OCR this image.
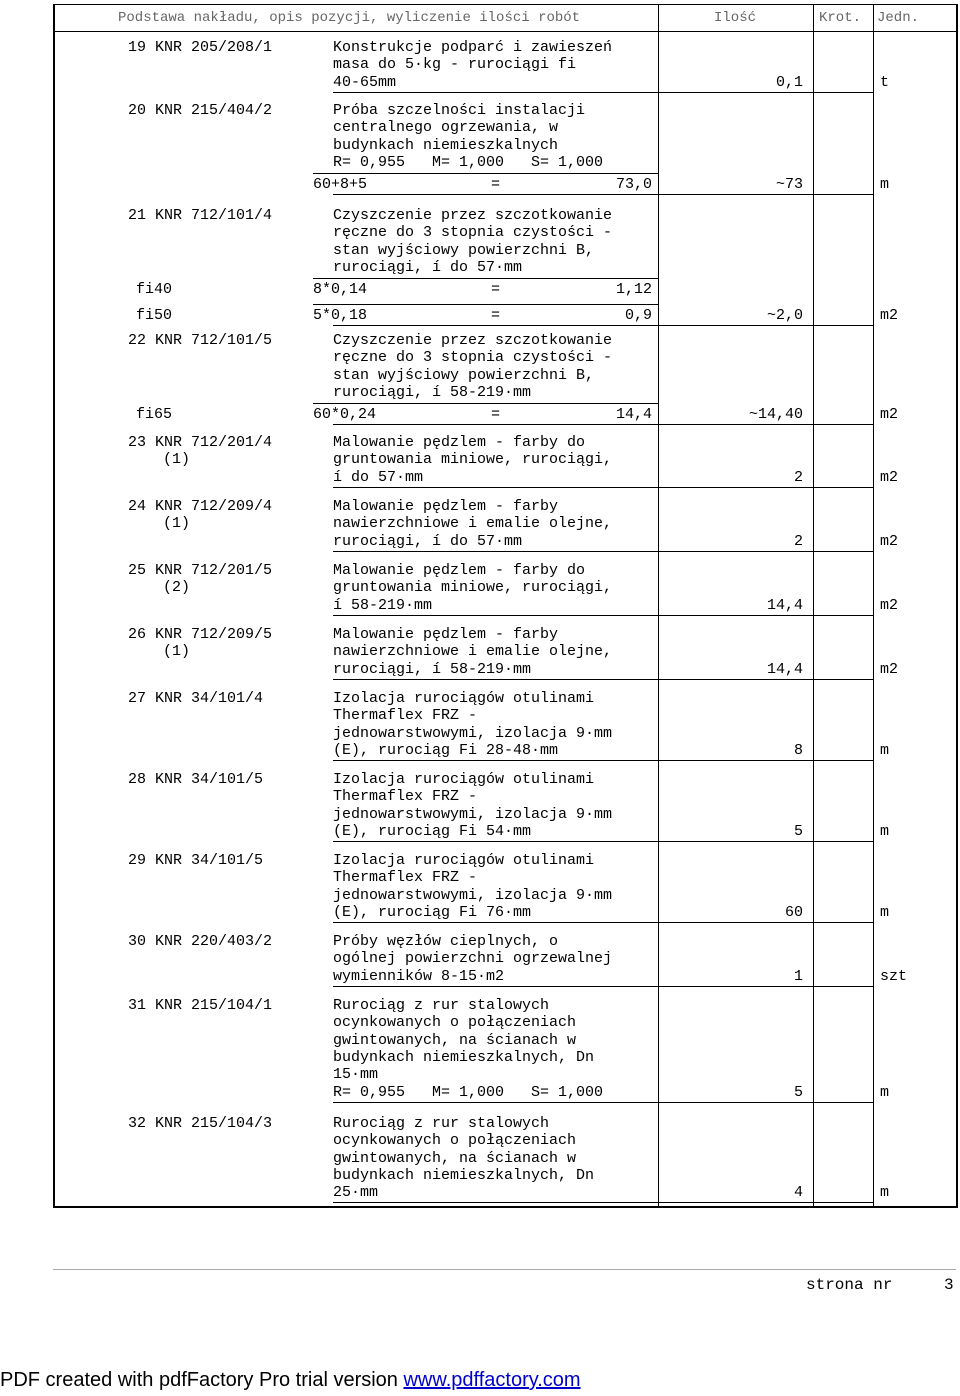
Podstawa nakładu, opis pozycji, wyliczenie ilości robót	Ilość	Krot. Jedn.
19 KNR 205/208/1	Konstrukcje podparć i zawieszeń
masa do 5·kg - rurociągi fi
40-65mm	0,1	t
20 KNR 215/404/2	Próba szczelności instalacji
centralnego ogrzewania, w
budynkach niemieszkalnych
R= 0,955   M= 1,000   S= 1,000
60+8+5	=	73,0	~73	m
21 KNR 712/101/4	Czyszczenie przez szczotkowanie
ręczne do 3 stopnia czystości -
stan wyjściowy powierzchni B,
rurociągi, í do 57·mm
fi40	8*0,14	=	1,12
fi50	5*0,18	=	0,9	~2,0	m2
22 KNR 712/101/5	Czyszczenie przez szczotkowanie
ręczne do 3 stopnia czystości -
stan wyjściowy powierzchni B,
rurociągi, í 58-219·mm
fi65	60*0,24	=	14,4	~14,40	m2
23 KNR 712/201/4
(1)
Malowanie pędzlem - farby do
gruntowania miniowe, rurociągi,
í do 57·mm	2	m2
24 KNR 712/209/4
(1)
Malowanie pędzlem - farby
nawierzchniowe i emalie olejne,
rurociągi, í do 57·mm	2	m2
25 KNR 712/201/5
(2)
Malowanie pędzlem - farby do
gruntowania miniowe, rurociągi,
í 58-219·mm	14,4	m2
26 KNR 712/209/5
(1)
Malowanie pędzlem - farby
nawierzchniowe i emalie olejne,
rurociągi, í 58-219·mm	14,4	m2
27 KNR 34/101/4	Izolacja rurociągów otulinami
Thermaflex FRZ -
jednowarstwowymi, izolacja 9·mm
(E), rurociąg Fi 28-48·mm	8	m
28 KNR 34/101/5	Izolacja rurociągów otulinami
Thermaflex FRZ -
jednowarstwowymi, izolacja 9·mm
(E), rurociąg Fi 54·mm	5	m
29 KNR 34/101/5	Izolacja rurociągów otulinami
Thermaflex FRZ -
jednowarstwowymi, izolacja 9·mm
(E), rurociąg Fi 76·mm	60	m
30 KNR 220/403/2	Próby węzłów cieplnych, o
ogólnej powierzchni ogrzewalnej
wymienników 8-15·m2	1	szt
31 KNR 215/104/1	Rurociąg z rur stalowych
ocynkowanych o połączeniach
gwintowanych, na ścianach w
budynkach niemieszkalnych, Dn
15·mm
R= 0,955   M= 1,000   S= 1,000	5	m
32 KNR 215/104/3	Rurociąg z rur stalowych
ocynkowanych o połączeniach
gwintowanych, na ścianach w
budynkach niemieszkalnych, Dn
25·mm	4	m
strona nr	3
PDF created with pdfFactory Pro trial version www.pdffactory.com
